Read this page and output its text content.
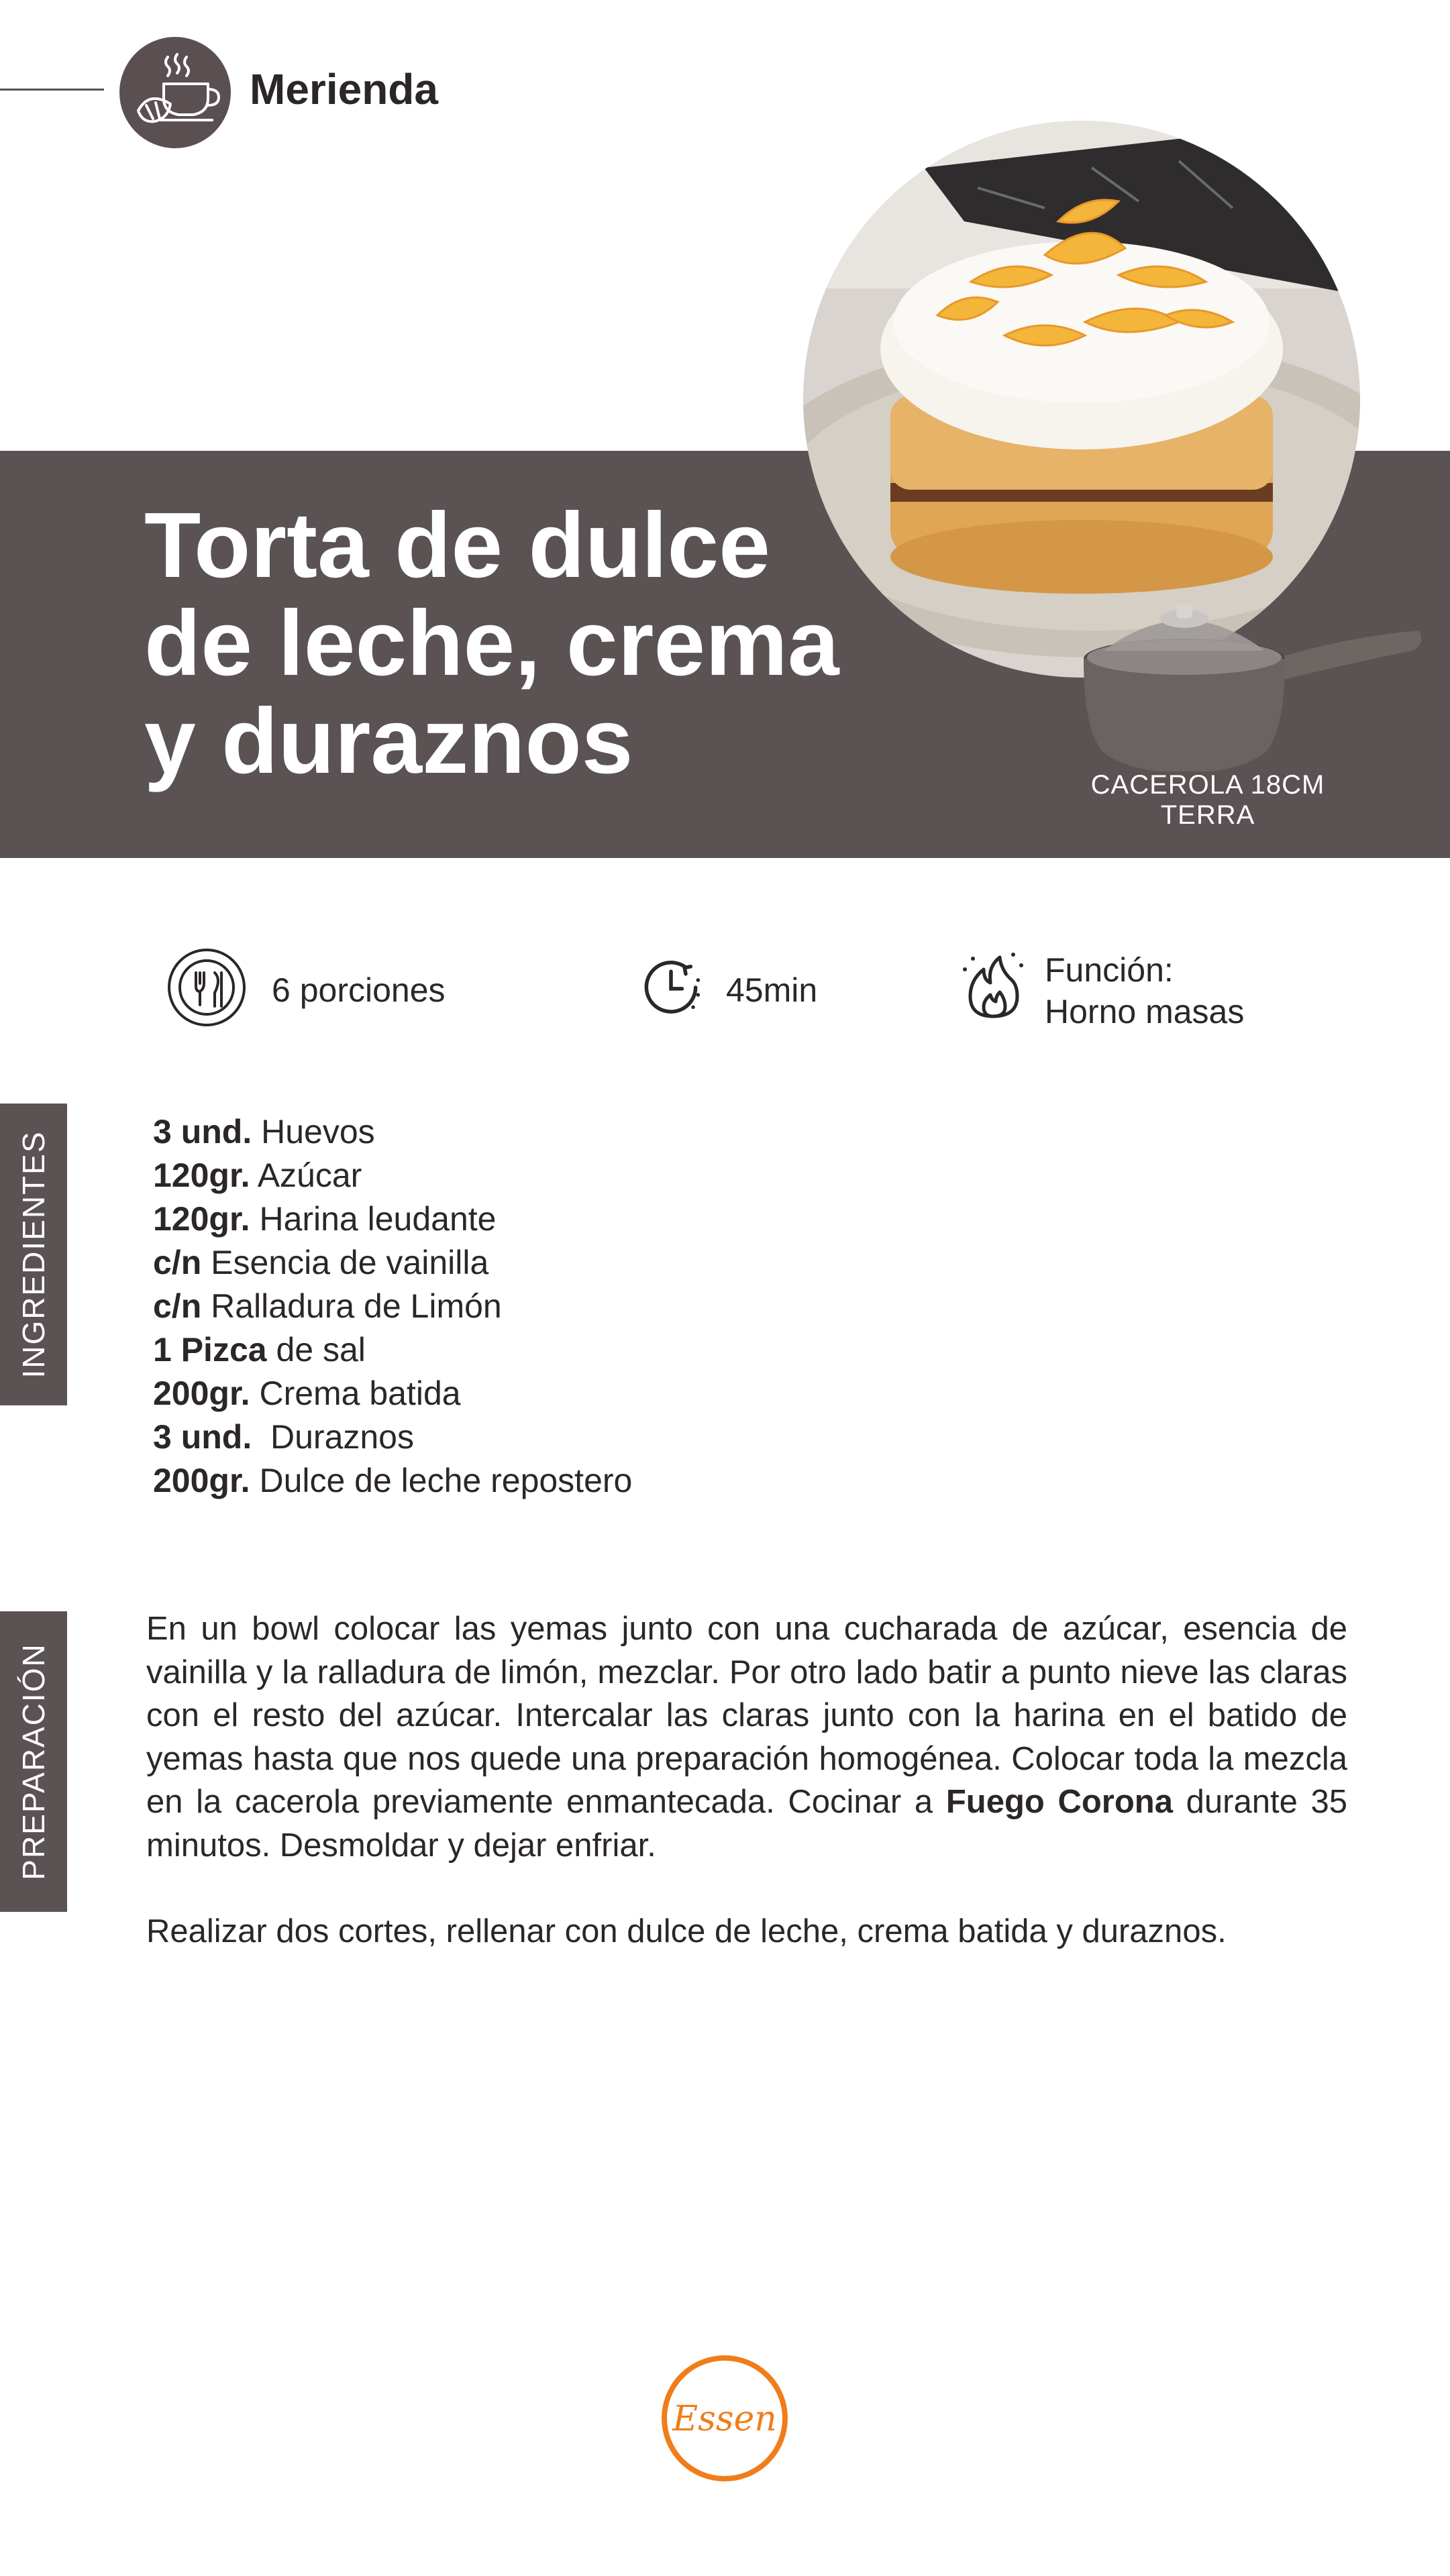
Merienda
Torta de dulce
de leche, crema
y duraznos	CACEROLA 18CM TERRA
6 porciones	45min
Función:
Horno masas
INGREDIENTES	3 und. Huevos
120gr. Azúcar
120gr. Harina leudante
c/n Esencia de vainilla
c/n Ralladura de Limón
1 Pizca de sal
200gr. Crema batida
3 und.  Duraznos
200gr. Dulce de leche repostero
PREPARACIÓN

En un bowl colocar las yemas junto con una cucharada de azúcar, esencia de vainilla y la ralladura de limón, mezclar. Por otro lado batir a punto nieve las claras con el resto del azúcar. Intercalar las claras junto con la harina en el batido de yemas hasta que nos quede una preparación homogénea. Colocar toda la mezcla en la cacerola previamente enmantecada. Cocinar a Fuego Corona durante 35 minutos. Desmoldar y dejar enfriar.

Realizar dos cortes, rellenar con dulce de leche, crema batida y duraznos.

Essen
